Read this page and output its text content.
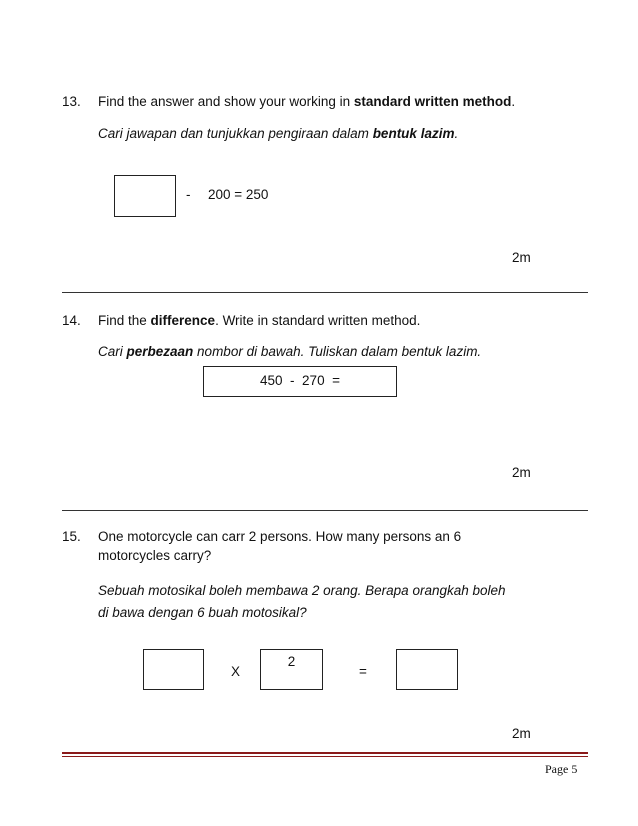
13. Find the answer and show your working in standard written method.
Cari jawapan dan tunjukkan pengiraan dalam bentuk lazim.
- 200 = 250
2m
14. Find the difference. Write in standard written method.
Cari perbezaan nombor di bawah. Tuliskan dalam bentuk lazim.
450  -  270  =
2m
15. One motorcycle can carr 2 persons. How many persons an 6
motorcycles carry?
Sebuah motosikal boleh membawa 2 orang. Berapa orangkah boleh
di bawa dengan 6 buah motosikal?
X
2
=
2m
Page 5
